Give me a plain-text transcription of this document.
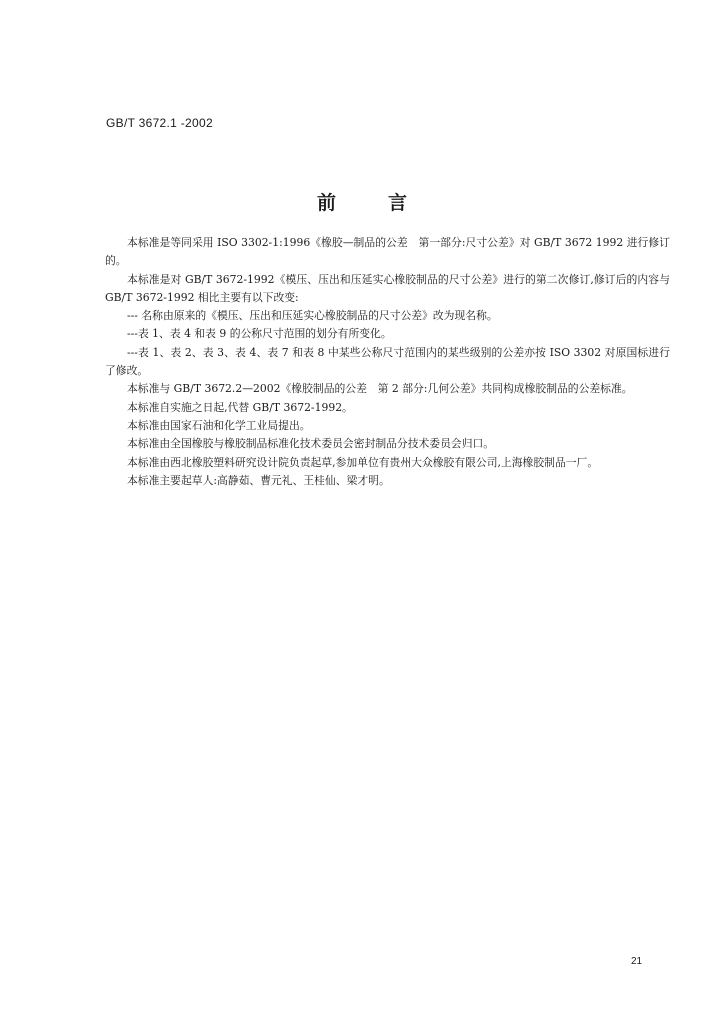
GB/T 3672.1 -2002
前言

本标准是等同采用 ISO 3302-1:1996《橡胶—制品的公差　第一部分:尺寸公差》对 GB/T 3672 1992 进行修订的。

本标准是对 GB/T 3672-1992《模压、压出和压延实心橡胶制品的尺寸公差》进行的第二次修订,修订后的内容与 GB/T 3672-1992 相比主要有以下改变:

--- 名称由原来的《模压、压出和压延实心橡胶制品的尺寸公差》改为现名称。

---表 1、表 4 和表 9 的公称尺寸范围的划分有所变化。

---表 1、表 2、表 3、表 4、表 7 和表 8 中某些公称尺寸范围内的某些级别的公差亦按 ISO 3302 对原国标进行了修改。

本标准与 GB/T 3672.2—2002《橡胶制品的公差　第 2 部分:几何公差》共同构成橡胶制品的公差标准。

本标准自实施之日起,代替 GB/T 3672-1992。

本标准由国家石油和化学工业局提出。

本标准由全国橡胶与橡胶制品标准化技术委员会密封制品分技术委员会归口。

本标准由西北橡胶塑料研究设计院负责起草,参加单位有贵州大众橡胶有限公司,上海橡胶制品一厂。

本标准主要起草人:高静茹、曹元礼、王桂仙、梁才明。

21
